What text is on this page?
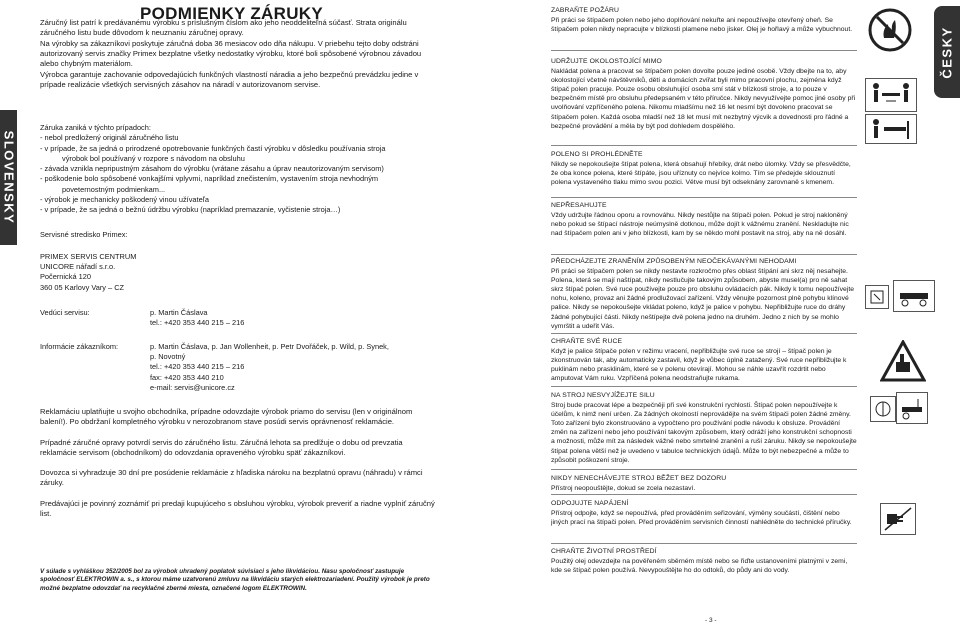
SLOVENSKY
ČESKY
PODMIENKY ZÁRUKY

Záručný list patrí k predávanému výrobku s príslušným číslom ako jeho neoddeliteľná súčasť. Strata originálu záručného listu bude dôvodom k neuznaniu záručnej opravy.

Na výrobky sa zákazníkovi poskytuje záručná doba 36 mesiacov odo dňa nákupu. V priebehu tejto doby odstráni autorizovaný servis značky Primex bezplatne všetky nedostatky výrobku, ktoré boli spôsobené výrobnou závadou alebo chybným materiálom.

Výrobca garantuje zachovanie odpovedajúcich funkčných vlastností náradia a jeho bezpečnú prevádzku jedine v prípade realizácie všetkých servisných zásahov na náradí v autorizovanom servise.

Záruka zaniká v týchto prípadoch:
- nebol predložený originál záručného listu
- v prípade, že sa jedná o prirodzené opotrebovanie funkčných častí výrobku v dôsledku používania stroja
výrobok bol používaný v rozpore s návodom na obsluhu
- závada vznikla nepripustným zásahom do výrobku (vrátane zásahu a úprav neautorizovaným servisom)
- poškodenie bolo spôsobené vonkajšími vplyvmi, napríklad znečistením, vystavením stroja nevhodným
poveternostným podmienkam...
- výrobok je mechanicky poškodený vinou užívateľa
- v prípade, že sa jedná o bežnú údržbu výrobku (napríklad premazanie, vyčistenie stroja…)
Servisné stredisko Primex:
PRIMEX SERVIS CENTRUM
UNICORE nářadí s.r.o.
Počernická 120
360 05 Karlovy Vary – CZ
Vedúci servisu:	p. Martin Čáslava
tel.: +420 353 440 215 – 216
Informácie zákazníkom:	p. Martin Čáslava, p. Jan Wollenheit, p. Petr Dvořáček, p. Wild, p. Synek,
p. Novotný
tel.: +420 353 440 215 – 216
fax: +420 353 440 210
e-mail: servis@unicore.cz

Reklamáciu uplatňujte u svojho obchodníka, prípadne odovzdajte výrobok priamo do servisu (len v originálnom balení!). Po obdržaní kompletného výrobku v nerozobranom stave posúdi servis oprávnenosť reklamácie.

Prípadné záručné opravy potvrdí servis do záručného listu. Záručná lehota sa predlžuje o dobu od prevzatia reklamácie servisom (obchodníkom) do odovzdania opraveného výrobku späť zákazníkovi.

Dovozca si vyhradzuje 30 dní pre posúdenie reklamácie z hľadiska nároku na bezplatnú opravu (náhradu) v rámci záruky.

Predávajúci je povinný zoznámiť pri predaji kupujúceho s obsluhou výrobku, výrobok preveriť a riadne vyplniť záručný list.

V súlade s vyhláškou 352/2005 bol za výrobok uhradený poplatok súvisiaci s jeho likvidáciou. Nasu spoločnosť zastupuje spoločnosť ELEKTROWIN a. s., s ktorou máme uzatvorenú zmluvu na likvidáciu starých elektrozariadení. Použitý výrobok je preto možné bezplatne odovzdať na recyklačné zberné miesta, označené logom ELEKTROWIN.
ZABRAŇTE POŽÁRU
Při práci se štípačem polen nebo jeho doplňování nekuřte ani nepoužívejte otevřený oheň. Se štípačem polen nikdy nepracujte v blízkosti plamene nebo jisker. Olej je hořlavý a může vybuchnout.
UDRŽUJTE OKOLOSTOJÍCÍ MIMO
Nakládat polena a pracovat se štípačem polen dovolte pouze jediné osobě. Vždy dbejte na to, aby okolostojící včetně návštěvníků, dětí a domácích zvířat byli mimo pracovní plochu, zejména když štípač polen pracuje. Pouze osobu obsluhující osoba smí stát v blízkosti stroje, a to pouze v bezpečném místě pro obsluhu předepsaném v této příručce. Nikdy nevyužívejte pomoc jiné osoby při uvolňování vzpříčeného polena. Nikomu mladšímu než 16 let nesmí být dovoleno pracovat se štípačem polen. Každá osoba mladší než 18 let musí mít nezbytný výcvik a dovednosti pro řádné a bezpečné provádění a měla by být pod dohledem dospělého.
POLENO SI PROHLÉDNĚTE
Nikdy se nepokoušejte štípat polena, která obsahují hřebíky, drát nebo úlomky. Vždy se přesvědčte, že oba konce polena, které štípáte, jsou uříznuty co nejvíce kolmo. Tím se předejde sklouznutí polena vystaveného tlaku mimo svou pozici. Větve musí být odseknány zarovnaně s kmenem.
NEPŘESAHUJTE
Vždy udržujte řádnou oporu a rovnováhu. Nikdy nestůjte na štípači polen. Pokud je stroj nakloněný nebo pokud se štípací nástroje neúmyslně dotknou, může dojít k vážnému zranění. Neskladujte nic nad štípačem polen ani v jeho blízkosti, kam by se někdo mohl postavit na stroj, aby na ně dosáhl.
PŘEDCHÁZEJTE ZRANĚNÍM ZPŮSOBENÝM NEOČEKÁVANÝMI NEHODAMI
Při práci se štípačem polen se nikdy nestavte rozkročmo přes oblast štípání ani skrz něj nesahejte. Polena, která se mají naštípat, nikdy nestlučujte takovým způsobem, abyste musel(a) pro ně sahat skrz štípač polen. Své ruce používejte pouze pro obsluhu ovládacích pák. Nikdy k tomu nepoužívejte nohu, koleno, provaz ani žádné prodlužovací zařízení. Vždy věnujte pozornost plně pohybu klínové palice. Nikdy se nepokoušejte vkládat poleno, když je palice v pohybu. Nepřibližujte ruce do dráhy žádné pohybující části. Nikdy neštípejte dvě polena jedno na druhém. Jedno z nich by se mohlo vymrštit a udeřit Vás.
CHRAŇTE SVÉ RUCE
Když je palice štípače polen v režimu vracení, nepřibližujte své ruce se strojí – štípač polen je zkonstruován tak, aby automaticky zastavil, když je vůbec úplně zatažený. Své ruce nepřibližujte k puklinám nebo prasklinám, které se v polenu otevírají. Mohou se náhle uzavřít rozdrtit nebo amputovat Vám ruku. Vzpříčená polena neodstraňujte rukama.
NA STROJ NESVYJÍŽEJTE SILU
Stroj bude pracovat lépe a bezpečněji při své konstrukční rychlosti. Štípač polen nepoužívejte k účelům, k nimž není určen. Za žádných okolností neprovádějte na svém štípači polen žádné změny. Toto zařízení bylo zkonstruováno a vypočteno pro používání podle návodu k obsluze. Provádění změn na zařízení nebo jeho používání takovým způsobem, který odráží jeho konstrukční schopnosti a možnosti, může mít za následek vážné nebo smrtelné zranění a ruší záruku. Nikdy se nepokoušejte štípat polena větší než je uvedeno v tabulce technických údajů. Může to být nebezpečné a může to způsobit poškození stroje.
NIKDY NENECHÁVEJTE STROJ BĚŽET BEZ DOZORU
Přístroj neopouštějte, dokud se zcela nezastaví.
ODPOJUJTE NAPÁJENÍ
Přístroj odpojte, když se nepoužívá, před prováděním seřizování, výměny součástí, čištění nebo jiných prací na štípači polen. Před prováděním servisních činností nahlédněte do technické příručky.
CHRAŇTE ŽIVOTNÍ PROSTŘEDÍ
Použitý olej odevzdejte na pověřeném sběrném místě nebo se řiďte ustanoveními platnými v zemi, kde se štípač polen používá. Nevypouštějte ho do odtoků, do půdy ani do vody.
- 3 -
